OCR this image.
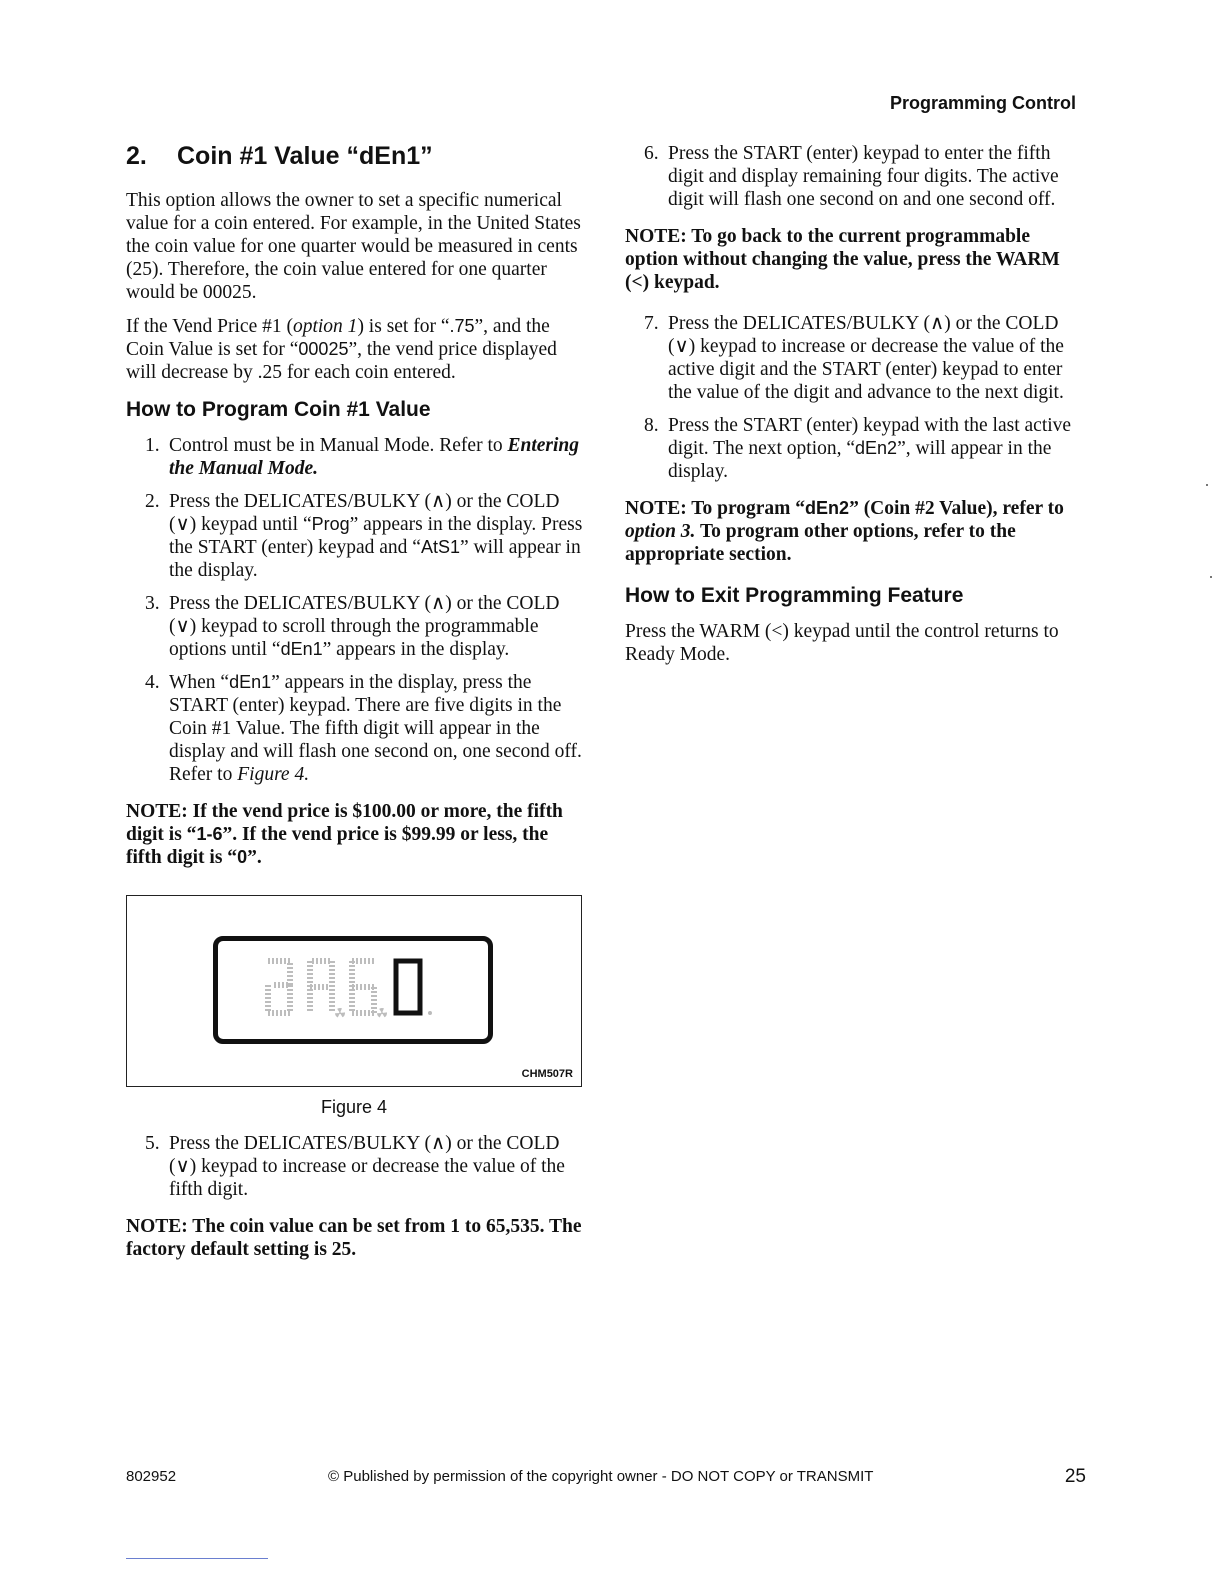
Programming Control
2.	Coin #1 Value “dEn1”

This option allows the owner to set a specific numerical value for a coin entered. For example, in the United States the coin value for one quarter would be measured in cents (25). Therefore, the coin value entered for one quarter would be 00025.

If the Vend Price #1 (option 1) is set for “.75”, and the Coin Value is set for “00025”, the vend price displayed will decrease by .25 for each coin entered.

How to Program Coin #1 Value
1. Control must be in Manual Mode. Refer to Entering the Manual Mode.
2. Press the DELICATES/BULKY (∧) or the COLD (∨) keypad until “Prog” appears in the display. Press the START (enter) keypad and “AtS1” will appear in the display.
3. Press the DELICATES/BULKY (∧) or the COLD (∨) keypad to scroll through the programmable options until “dEn1” appears in the display.
4. When “dEn1” appears in the display, press the START (enter) keypad. There are five digits in the Coin #1 Value. The fifth digit will appear in the display and will flash one second on, one second off. Refer to Figure 4.

NOTE: If the vend price is $100.00 or more, the fifth digit is “1-6”. If the vend price is $99.99 or less, the fifth digit is “0”.

CHM507R
Figure 4
5. Press the DELICATES/BULKY (∧) or the COLD (∨) keypad to increase or decrease the value of the fifth digit.

NOTE: The coin value can be set from 1 to 65,535. The factory default setting is 25.

6. Press the START (enter) keypad to enter the fifth digit and display remaining four digits. The active digit will flash one second on and one second off.

NOTE: To go back to the current programmable option without changing the value, press the WARM (<) keypad.

7. Press the DELICATES/BULKY (∧) or the COLD (∨) keypad to increase or decrease the value of the active digit and the START (enter) keypad to enter the value of the digit and advance to the next digit.
8. Press the START (enter) keypad with the last active digit. The next option, “dEn2”, will appear in the display.

NOTE: To program “dEn2” (Coin #2 Value), refer to option 3. To program other options, refer to the appropriate section.

How to Exit Programming Feature

Press the WARM (<) keypad until the control returns to Ready Mode.

802952	© Published by permission of the copyright owner - DO NOT COPY or TRANSMIT	25
